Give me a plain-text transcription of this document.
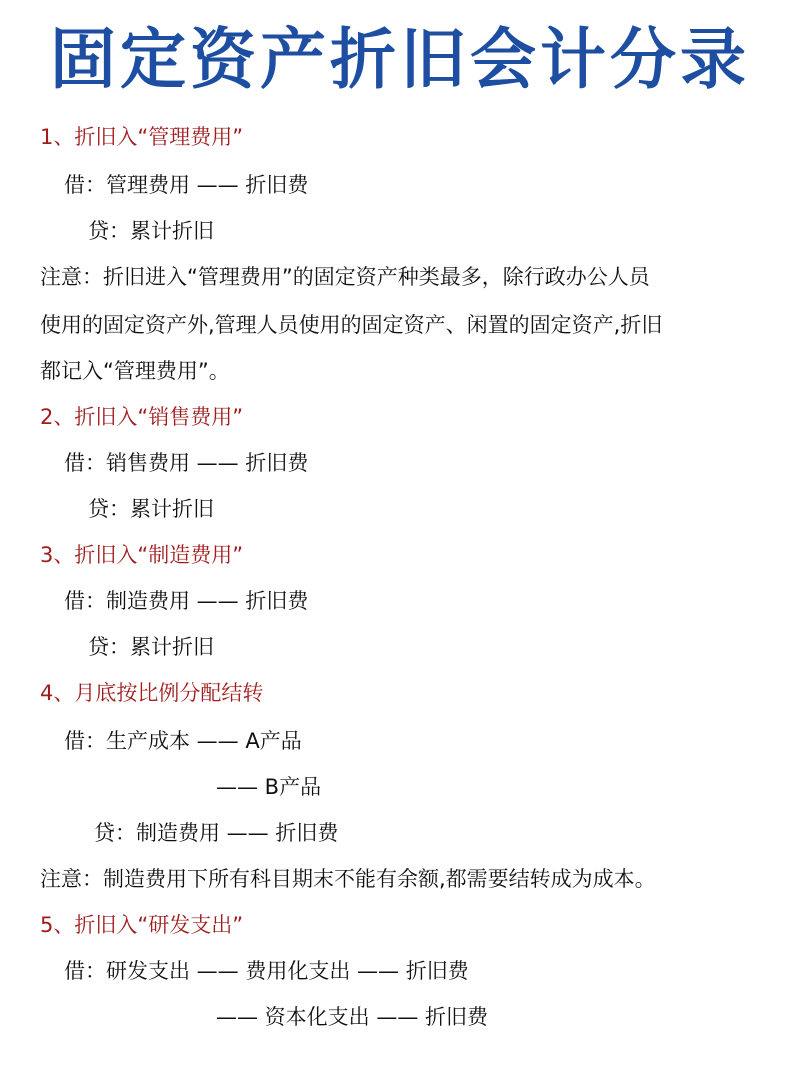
固定资产折旧会计分录
1、折旧入“管理费用”
借：管理费用 —— 折旧费
贷：累计折旧
注意：折旧进入“管理费用”的固定资产种类最多，除行政办公人员
使用的固定资产外,管理人员使用的固定资产、闲置的固定资产,折旧
都记入“管理费用”。
2、折旧入“销售费用”
借：销售费用 —— 折旧费
贷：累计折旧
3、折旧入“制造费用”
借：制造费用 —— 折旧费
贷：累计折旧
4、月底按比例分配结转
借：生产成本 —— A产品
—— B产品
贷：制造费用 —— 折旧费
注意：制造费用下所有科目期末不能有余额,都需要结转成为成本。
5、折旧入“研发支出”
借：研发支出 —— 费用化支出 —— 折旧费
—— 资本化支出 —— 折旧费
